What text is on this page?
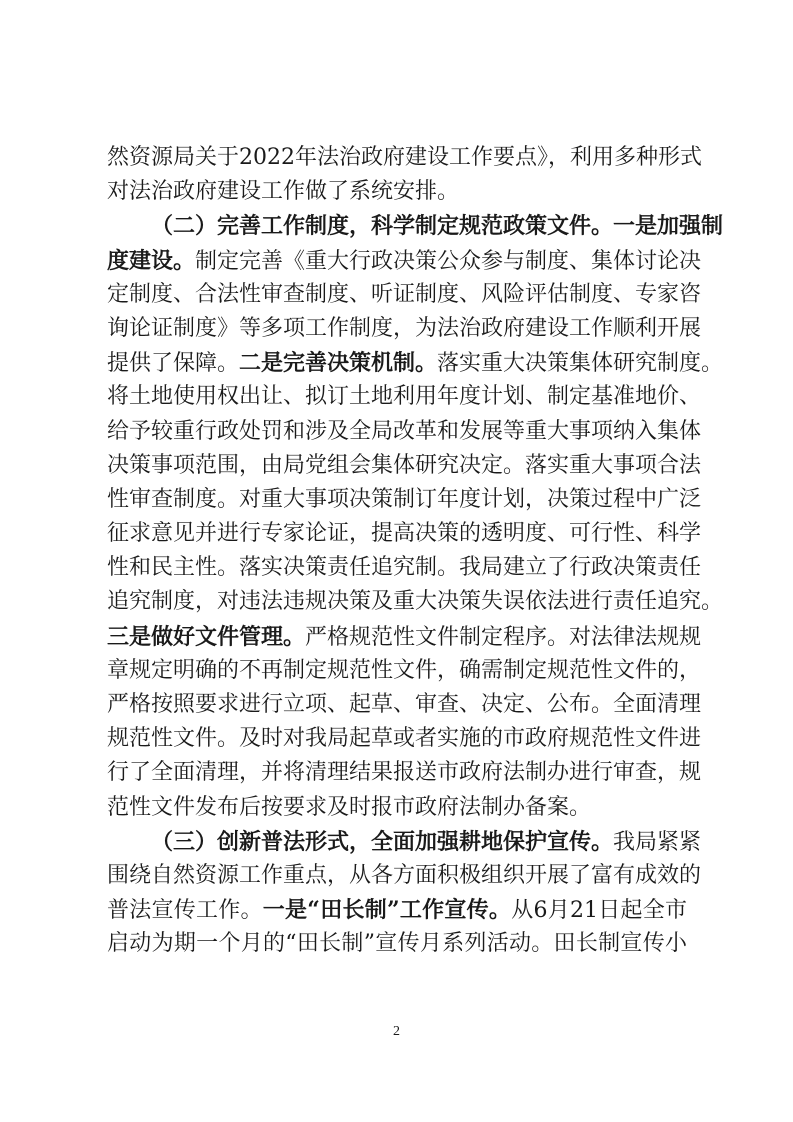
然资源局关于2022年法治政府建设工作要点》，利用多种形式
对法治政府建设工作做了系统安排。
（二）完善工作制度，科学制定规范政策文件。一是加强制
度建设。制定完善《重大行政决策公众参与制度、集体讨论决
定制度、合法性审查制度、听证制度、风险评估制度、专家咨
询论证制度》等多项工作制度，为法治政府建设工作顺利开展
提供了保障。二是完善决策机制。落实重大决策集体研究制度。
将土地使用权出让、拟订土地利用年度计划、制定基准地价、
给予较重行政处罚和涉及全局改革和发展等重大事项纳入集体
决策事项范围，由局党组会集体研究决定。落实重大事项合法
性审查制度。对重大事项决策制订年度计划，决策过程中广泛
征求意见并进行专家论证，提高决策的透明度、可行性、科学
性和民主性。落实决策责任追究制。我局建立了行政决策责任
追究制度，对违法违规决策及重大决策失误依法进行责任追究。
三是做好文件管理。严格规范性文件制定程序。对法律法规规
章规定明确的不再制定规范性文件，确需制定规范性文件的，
严格按照要求进行立项、起草、审查、决定、公布。全面清理
规范性文件。及时对我局起草或者实施的市政府规范性文件进
行了全面清理，并将清理结果报送市政府法制办进行审查，规
范性文件发布后按要求及时报市政府法制办备案。
（三）创新普法形式，全面加强耕地保护宣传。我局紧紧
围绕自然资源工作重点，从各方面积极组织开展了富有成效的
普法宣传工作。一是“田长制”工作宣传。从6月21日起全市
启动为期一个月的“田长制”宣传月系列活动。田长制宣传小
2
